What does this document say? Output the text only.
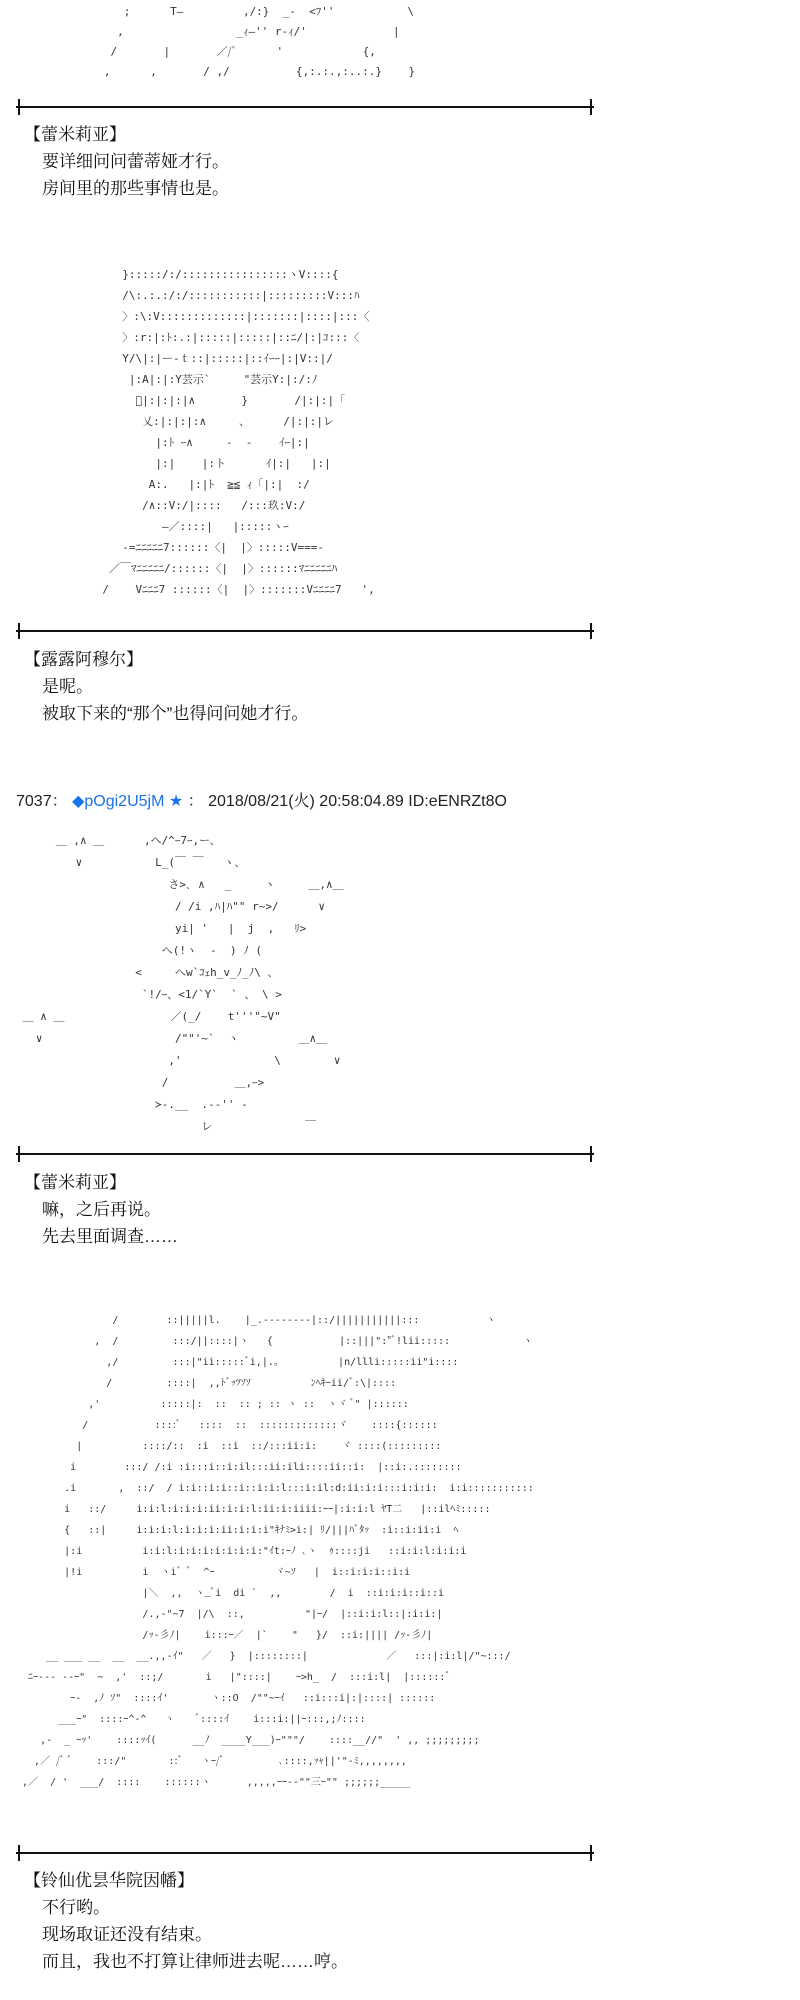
;      T―         ,/:}  _-  <ﾌ''           \
,                 _ｨ―'' r-ｨ/'             |
/       |       ／/ﾞ      '            {,
,      ,       / ,/          {,:.:.,:..:.}    }
【蕾米莉亚】
要详细问问蕾蒂娅才行。
房间里的那些事情也是。
}:::::/:/::::::::::::::::ヽV::::{
/\:.:.:/:/:::::::::::|:::::::::V:::ﾊ
〉:\:V:::::::::::::|:::::::|::::|:::〈
〉:r:|:ﾄ:.:|:::::|:::::|::ﾆ/|:|ｺ:::〈
Y/\|:|ー‐ｔ::|:::::|::ｲｰｰ|:|V::|/
|:A|:|:Y芸示`     "芸示Y:|:/:ﾉ
ﾞ|:|:|:|∧       }       /|:|:|「
乂:|:|:|:∧     、     /|:|:|レ
|:ﾄ ｰ∧     -  -    ｲｰ|:|
|:|    |:ト      ｲ|:|   |:|
A:.   |:|ﾄ  ≧≦ ｨ「|:|  :/
/∧::V:/|::::   /:::玖:V:/
―／::::|   |:::::ヽｰ
-=ﾆﾆﾆﾆﾆ7::::::〈|  |〉:::::V===-
／￣ﾏﾆﾆﾆﾆﾆ/::::::〈|  |〉::::::ﾏﾆﾆﾆﾆﾆﾊ
/    Vﾆﾆﾆ7 ::::::〈|  |〉:::::::Vﾆﾆﾆﾆ7   ',
【露露阿穆尔】
是呢。
被取下来的“那个”也得问问她才行。
7037： ◆pOgi2U5jM ★ ： 2018/08/21(火) 20:58:04.89 ID:eENRZt8O
＿ ,∧ ＿      ,ヘ/^ｰ7ｰ,ー、
∨           L_(￣ ￣   ヽ、
さ>､ ∧   _     ヽ     ＿,∧＿
/ /i ,ﾊ|ﾊ"" r~>/      ∨
yi| '   |  j  ,   ﾘ>
へ(!ヽ  -  ) ﾉ (
<     へw`ｺｪh_v_ﾉ_ﾉ\ 、
`!/ｰ、<1/`Y`  ` 、 \ >
＿ ∧ ＿                ／(_/    t'''"~V"
∨                    /""'~`  ヽ         ＿∧＿
,'              \        ∨
/          ＿,ｰ>
≻-.__  .--'' ‐
レ              ￣
【蕾米莉亚】
嘛，之后再说。
先去里面调查……
/        ::|||||l.    |_.--------|::/|||||||||||:::           ヽ
,  /         :::/||::::|ヽ   {           |::|||":"ﾞ!lii:::::            ヽ
,/         :::|"ii:::::ﾞi,|.。         |n/llli:::::ii"i::::
/         ::::|  ,,ﾄﾞｯﾂｿｿ          ﾝﾍｷｰii/ﾞ:\|::::
,'          :::::|:  ::  :: ; :: ヽ ::  ヽヾ ﾞ" |::::::
/           ::::ﾞ   ::::  ::  :::::::::::::ヾ    ::::{::::::
|          ::::/::  :i  ::i  ::/:::ii:i:    ヾ ::::(:::::::::
i        :::/ /:i :i:::i::i:il:::ii:ili::::ii::i:  |::i:.::::::::
.i       ,  ::/  / i:i::i:i::i::i:i:l:::i:il:d:ii:i:i:::i:i:i:  i:i:::::::::::
i   ::/     i:i:l:i:i:i:ii:i:i:l:ii:i:iiii:ｰｰ|:i:i:l ﾔT二   |::ilﾍﾐ:::::
{   ::|     i:i:i:l:i:i:i:ii:i:i:i"ｷﾅﾐ>i:| ﾘ/|||ﾊﾞﾀｯ  :i::i:ii:i  ﾍ
|:i          i:i:l:i:i:i:i:i:i:i:"ｲt:ｰﾉ ､ヽ  ｩ::::ji   ::i:i:l:i:i:i
|!i          i  ヽi゛ﾞ  ^ｰ          ヾ~ｿ   |  i::i:i:i::i:i
|＼  ,,  ヽ_ﾞi  di `  ,,        /  i  ::i:i:i::i::i
/.,-"~7  |/\  ::,          "|ｰ/  |::i:i:l::|:i:i:|
/ｯ-彡ﾉ|    i:::ｰ／  |`    "   }/  ::i:|||| /ｯ-彡ﾉ|
__ ___ __  __  __.,,-ｲ"   ／   }  |::::::::|             ／   :::|:i:l|/"~:::/
ﾆｰ‐-- --ｰ"  ~  ,'  ::;/       i   |"::::|    ｰ>h_  /  :::i:l|  |::::::ﾞ
ｰ-  ,ﾉ ｿ"  ::::ｲ'       ヽ::O  /""~ｰｲ   ::i:::i|:|::::| ::::::
___ｰ"  ::::ｰ^-^   ヽ    ﾞ::::ｲ    i:::i:||ｰ:::,;ﾉ::::
,-  _ ｰｯ'    ::::ｯｲ(      __ﾉ  ____Y___)ｰ"""/    ::::__//"  ' ,, ;;;;;;;;;
,／ /ﾞ ﾞ    :::/"       ::ﾞ   ヽｰ/ﾞ         ､::::,ｯｬ||'"-ﾐ,,,,,,,,
,／  / '  ___/  ::::    ::::::ヽ      ,,,,,ｰｰ‐‐""三ｰ"" ;;;;;;_____
【铃仙优昙华院因幡】
不行哟。
现场取证还没有结束。
而且，我也不打算让律师进去呢……哼。
